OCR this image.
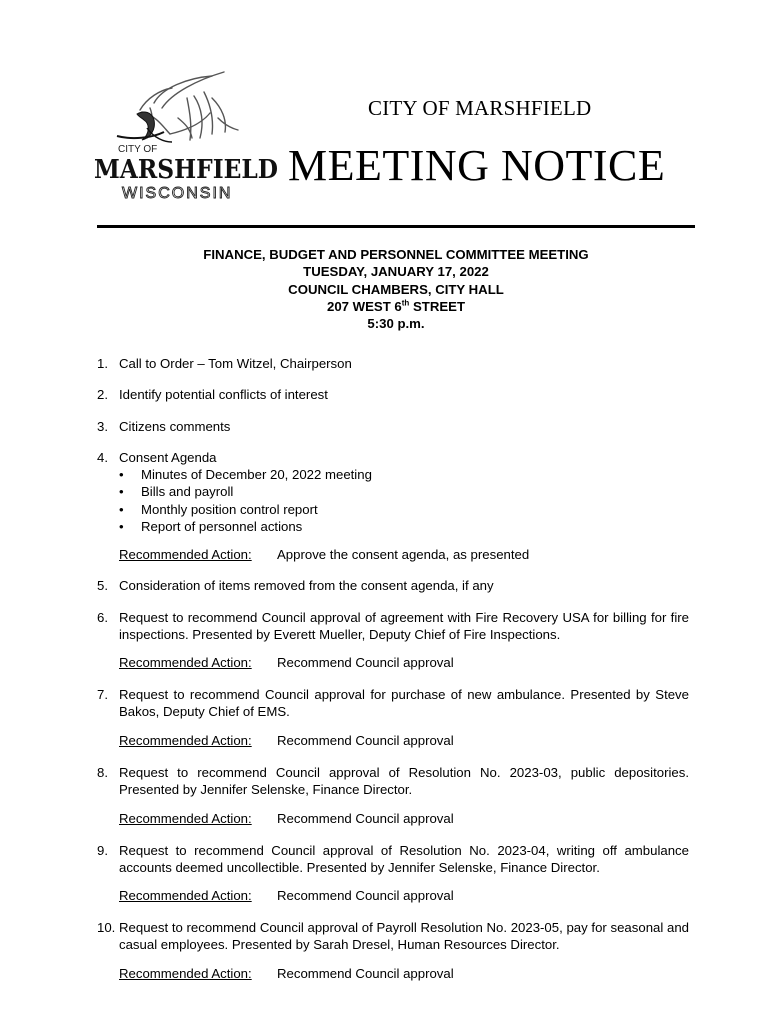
CITY OF
MARSHFIELD
WISCONSIN
CITY OF MARSHFIELD
MEETING NOTICE
FINANCE, BUDGET AND PERSONNEL COMMITTEE MEETING
TUESDAY, JANUARY 17, 2022
COUNCIL CHAMBERS, CITY HALL
207 WEST 6th STREET
5:30 p.m.
1. Call to Order – Tom Witzel, Chairperson
2. Identify potential conflicts of interest
3. Citizens comments
4. Consent Agenda
• Minutes of December 20, 2022 meeting
• Bills and payroll
• Monthly position control report
• Report of personnel actions
Recommended Action: Approve the consent agenda, as presented
5. Consideration of items removed from the consent agenda, if any
6. Request to recommend Council approval of agreement with Fire Recovery USA for billing for fire inspections. Presented by Everett Mueller, Deputy Chief of Fire Inspections.
Recommended Action: Recommend Council approval
7. Request to recommend Council approval for purchase of new ambulance. Presented by Steve Bakos, Deputy Chief of EMS.
Recommended Action: Recommend Council approval
8. Request to recommend Council approval of Resolution No. 2023-03, public depositories. Presented by Jennifer Selenske, Finance Director.
Recommended Action: Recommend Council approval
9. Request to recommend Council approval of Resolution No. 2023-04, writing off ambulance accounts deemed uncollectible. Presented by Jennifer Selenske, Finance Director.
Recommended Action: Recommend Council approval
10. Request to recommend Council approval of Payroll Resolution No. 2023-05, pay for seasonal and casual employees. Presented by Sarah Dresel, Human Resources Director.
Recommended Action: Recommend Council approval
